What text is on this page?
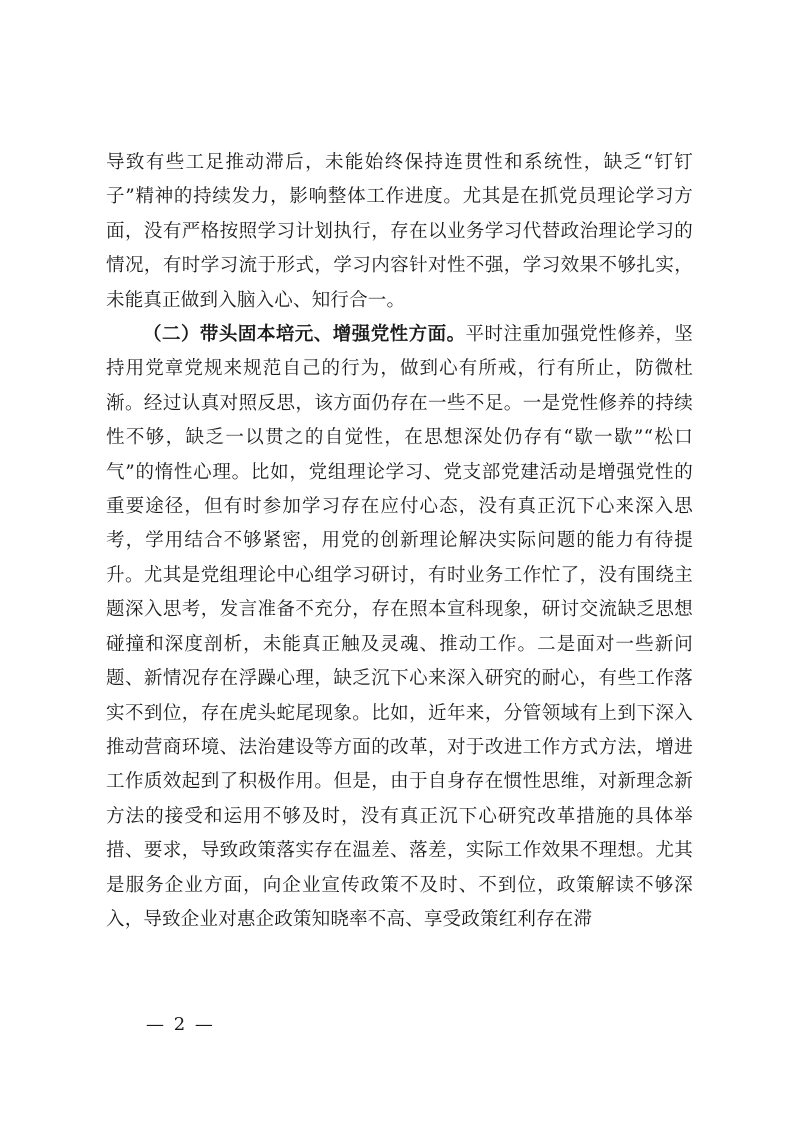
导致有些工足推动滞后，未能始终保持连贯性和系统性，缺乏“钉钉子”精神的持续发力，影响整体工作进度。尤其是在抓党员理论学习方面，没有严格按照学习计划执行，存在以业务学习代替政治理论学习的情况，有时学习流于形式，学习内容针对性不强，学习效果不够扎实，未能真正做到入脑入心、知行合一。

（二）带头固本培元、增强党性方面。平时注重加强党性修养，坚持用党章党规来规范自己的行为，做到心有所戒，行有所止，防微杜渐。经过认真对照反思，该方面仍存在一些不足。一是党性修养的持续性不够，缺乏一以贯之的自觉性，在思想深处仍存有“歇一歇”“松口气”的惰性心理。比如，党组理论学习、党支部党建活动是增强党性的重要途径，但有时参加学习存在应付心态，没有真正沉下心来深入思考，学用结合不够紧密，用党的创新理论解决实际问题的能力有待提升。尤其是党组理论中心组学习研讨，有时业务工作忙了，没有围绕主题深入思考，发言准备不充分，存在照本宣科现象，研讨交流缺乏思想碰撞和深度剖析，未能真正触及灵魂、推动工作。二是面对一些新问题、新情况存在浮躁心理，缺乏沉下心来深入研究的耐心，有些工作落实不到位，存在虎头蛇尾现象。比如，近年来，分管领域有上到下深入推动营商环境、法治建设等方面的改革，对于改进工作方式方法，增进工作质效起到了积极作用。但是，由于自身存在惯性思维，对新理念新方法的接受和运用不够及时，没有真正沉下心研究改革措施的具体举措、要求，导致政策落实存在温差、落差，实际工作效果不理想。尤其是服务企业方面，向企业宣传政策不及时、不到位，政策解读不够深入，导致企业对惠企政策知晓率不高、享受政策红利存在滞

— 2 —
